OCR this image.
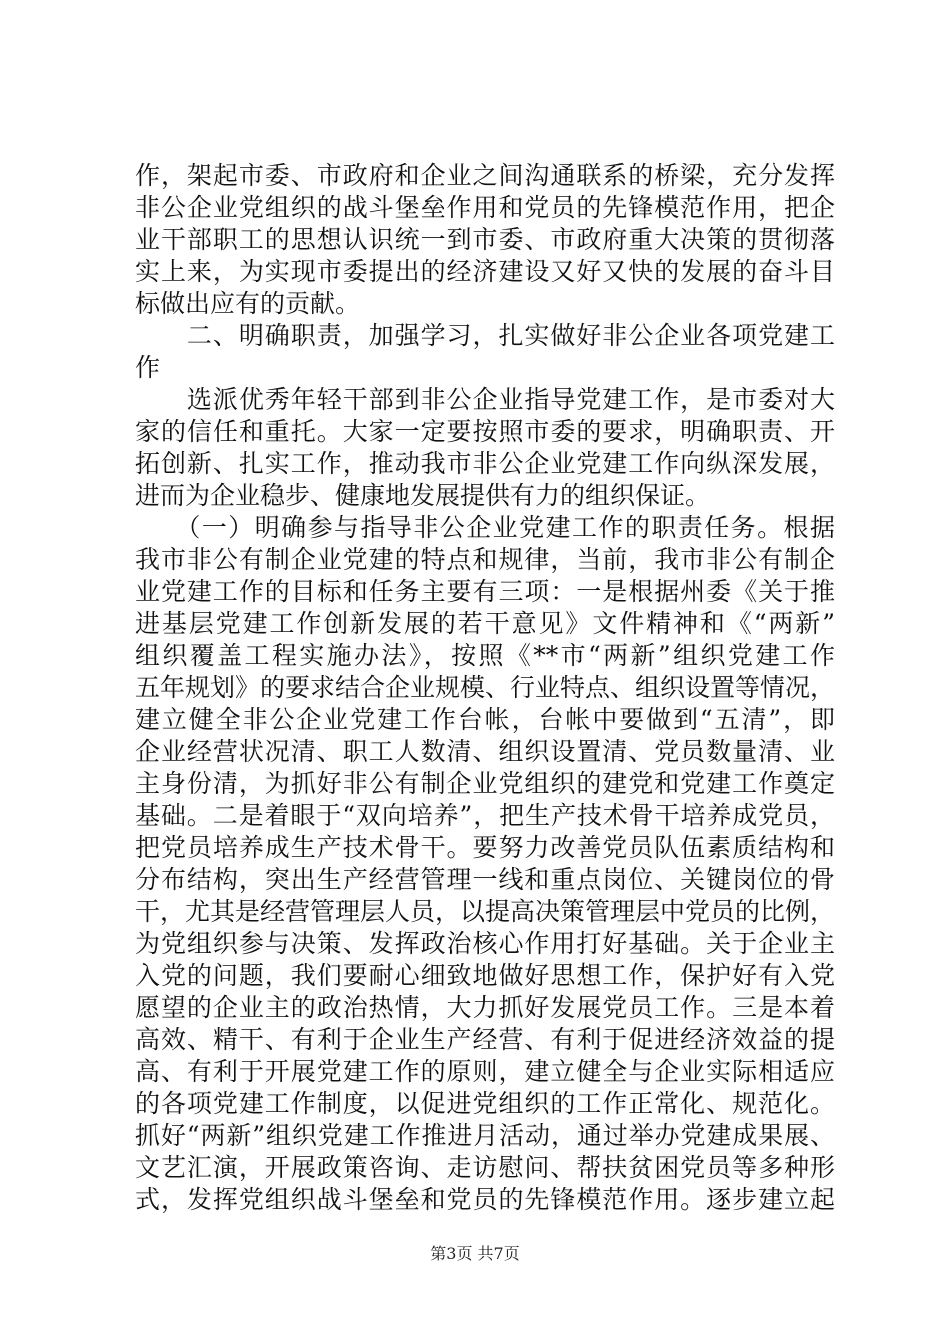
作，架起市委、市政府和企业之间沟通联系的桥梁，充分发挥
非公企业党组织的战斗堡垒作用和党员的先锋模范作用，把企
业干部职工的思想认识统一到市委、市政府重大决策的贯彻落
实上来，为实现市委提出的经济建设又好又快的发展的奋斗目
标做出应有的贡献。
　　二、明确职责，加强学习，扎实做好非公企业各项党建工
作
　　选派优秀年轻干部到非公企业指导党建工作，是市委对大
家的信任和重托。大家一定要按照市委的要求，明确职责、开
拓创新、扎实工作，推动我市非公企业党建工作向纵深发展，
进而为企业稳步、健康地发展提供有力的组织保证。
　　（一）明确参与指导非公企业党建工作的职责任务。根据
我市非公有制企业党建的特点和规律，当前，我市非公有制企
业党建工作的目标和任务主要有三项：一是根据州委《关于推
进基层党建工作创新发展的若干意见》文件精神和《“两新”
组织覆盖工程实施办法》，按照《**市“两新”组织党建工作
五年规划》的要求结合企业规模、行业特点、组织设置等情况，
建立健全非公企业党建工作台帐，台帐中要做到“五清”，即
企业经营状况清、职工人数清、组织设置清、党员数量清、业
主身份清，为抓好非公有制企业党组织的建党和党建工作奠定
基础。二是着眼于“双向培养”，把生产技术骨干培养成党员，
把党员培养成生产技术骨干。要努力改善党员队伍素质结构和
分布结构，突出生产经营管理一线和重点岗位、关键岗位的骨
干，尤其是经营管理层人员，以提高决策管理层中党员的比例，
为党组织参与决策、发挥政治核心作用打好基础。关于企业主
入党的问题，我们要耐心细致地做好思想工作，保护好有入党
愿望的企业主的政治热情，大力抓好发展党员工作。三是本着
高效、精干、有利于企业生产经营、有利于促进经济效益的提
高、有利于开展党建工作的原则，建立健全与企业实际相适应
的各项党建工作制度，以促进党组织的工作正常化、规范化。
抓好“两新”组织党建工作推进月活动，通过举办党建成果展、
文艺汇演，开展政策咨询、走访慰问、帮扶贫困党员等多种形
式，发挥党组织战斗堡垒和党员的先锋模范作用。逐步建立起
第3页 共7页
